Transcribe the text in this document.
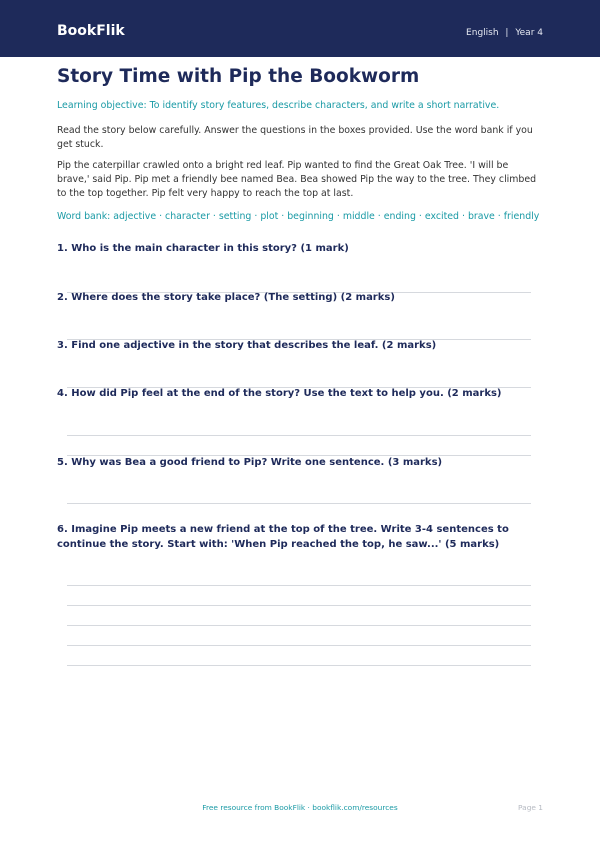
BookFlik	English | Year 4
Story Time with Pip the Bookworm
Learning objective: To identify story features, describe characters, and write a short narrative.
Read the story below carefully. Answer the questions in the boxes provided. Use the word bank if you get stuck.
Pip the caterpillar crawled onto a bright red leaf. Pip wanted to find the Great Oak Tree. 'I will be brave,' said Pip. Pip met a friendly bee named Bea. Bea showed Pip the way to the tree. They climbed to the top together. Pip felt very happy to reach the top at last.
Word bank: adjective · character · setting · plot · beginning · middle · ending · excited · brave · friendly
1. Who is the main character in this story? (1 mark)
2. Where does the story take place? (The setting) (2 marks)
3. Find one adjective in the story that describes the leaf. (2 marks)
4. How did Pip feel at the end of the story? Use the text to help you. (2 marks)
5. Why was Bea a good friend to Pip? Write one sentence. (3 marks)
6. Imagine Pip meets a new friend at the top of the tree. Write 3-4 sentences to continue the story. Start with: 'When Pip reached the top, he saw...' (5 marks)
Free resource from BookFlik · bookflik.com/resources	Page 1
